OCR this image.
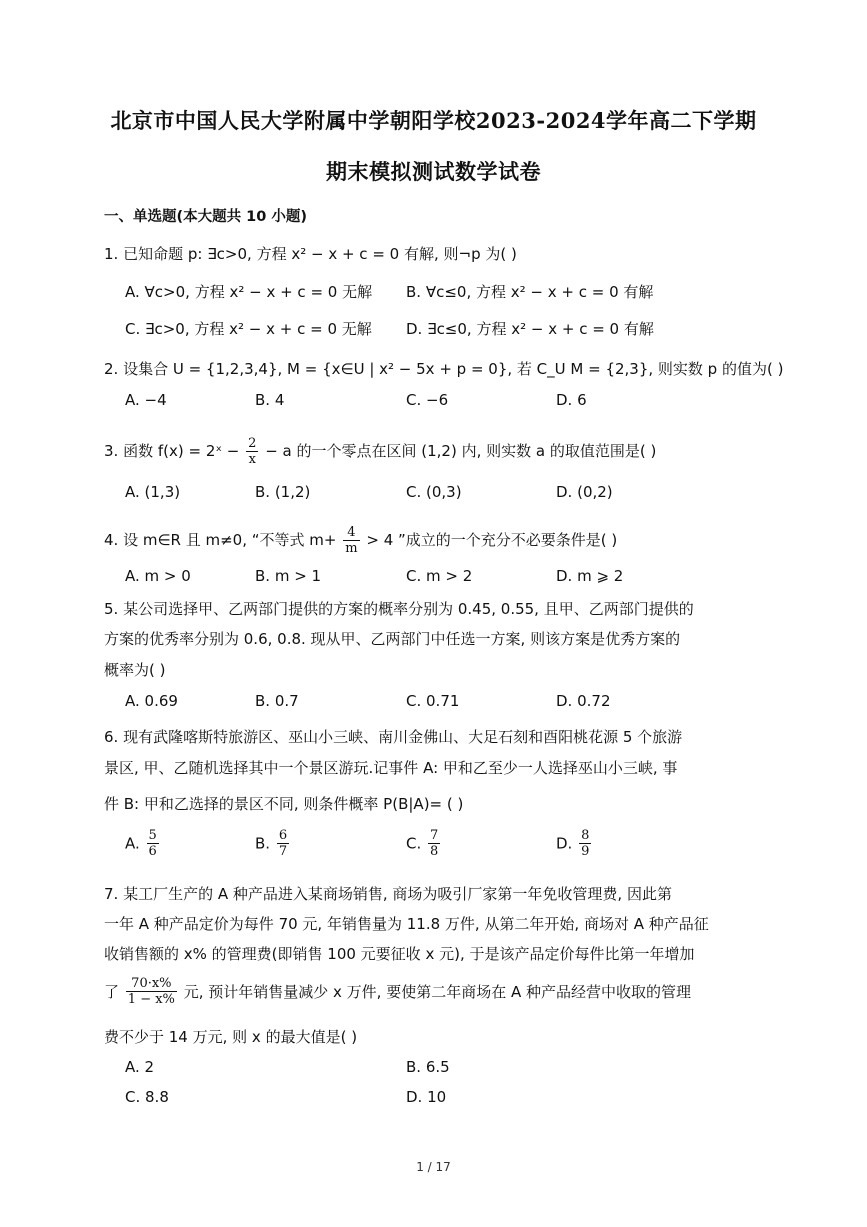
北京市中国人民大学附属中学朝阳学校2023-2024学年高二下学期
期末模拟测试数学试卷
一、单选题(本大题共 10 小题)
1. 已知命题 p: ∃c>0, 方程 x² − x + c = 0 有解, 则¬p 为( )
A. ∀c>0, 方程 x² − x + c = 0 无解 B. ∀c≤0, 方程 x² − x + c = 0 有解
C. ∃c>0, 方程 x² − x + c = 0 无解 D. ∃c≤0, 方程 x² − x + c = 0 有解
2. 设集合 U = {1,2,3,4}, M = {x∈U | x² − 5x + p = 0}, 若 C_U M = {2,3}, 则实数 p 的值为( )
A. −4	B. 4	C. −6	D. 6
3. 函数 f(x) = 2ˣ − $\frac{2}{x} - a$ 的一个零点在区间 (1,2) 内, 则实数 a 的取值范围是( )
A. (1,3)	B. (1,2)	C. (0,3)	D. (0,2)
4. 设 m∈R 且 m≠0, “不等式 $m+ \frac{4}{m} > 4$ ”成立的一个充分不必要条件是( )
A. m > 0	B. m > 1	C. m > 2	D. m ⩾ 2
5. 某公司选择甲、乙两部门提供的方案的概率分别为 0.45, 0.55, 且甲、乙两部门提供的
方案的优秀率分别为 0.6, 0.8. 现从甲、乙两部门中任选一方案, 则该方案是优秀方案的
概率为( )
A. 0.69	B. 0.7	C. 0.71	D. 0.72
6. 现有武隆喀斯特旅游区、巫山小三峡、南川金佛山、大足石刻和酉阳桃花源 5 个旅游
景区, 甲、乙随机选择其中一个景区游玩.记事件 A: 甲和乙至少一人选择巫山小三峡, 事
件 B: 甲和乙选择的景区不同, 则条件概率 P(B|A)= ( )
A. $\frac{5}{6}$	B. $\frac{6}{7}$	C. $\frac{7}{8}$	D. $\frac{8}{9}$
7. 某工厂生产的 A 种产品进入某商场销售, 商场为吸引厂家第一年免收管理费, 因此第
一年 A 种产品定价为每件 70 元, 年销售量为 11.8 万件, 从第二年开始, 商场对 A 种产品征
收销售额的 x% 的管理费(即销售 100 元要征收 x 元), 于是该产品定价每件比第一年增加
了 $\frac{70\cdot x\%}{1 - x\%}$ 元, 预计年销售量减少 x 万件, 要使第二年商场在 A 种产品经营中收取的管理
费不少于 14 万元, 则 x 的最大值是( )
A. 2	B. 6.5
C. 8.8	D. 10
1 / 17
